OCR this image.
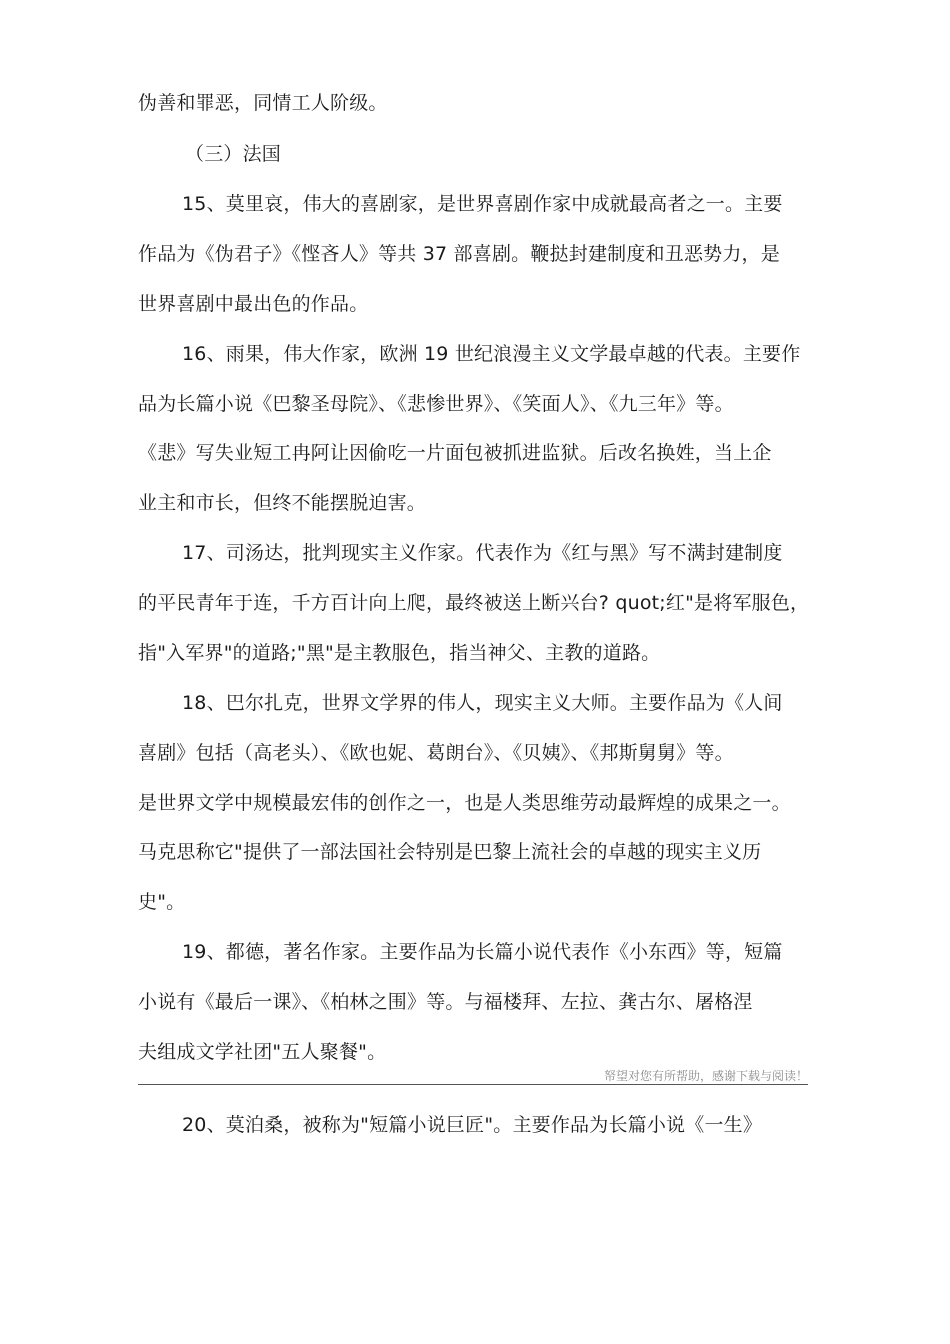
伪善和罪恶，同情工人阶级。
（三）法国
15、莫里哀，伟大的喜剧家，是世界喜剧作家中成就最高者之一。主要
作品为《伪君子》《悭吝人》等共 37 部喜剧。鞭挞封建制度和丑恶势力，是
世界喜剧中最出色的作品。
16、雨果，伟大作家，欧洲 19 世纪浪漫主义文学最卓越的代表。主要作
品为长篇小说《巴黎圣母院》、《悲惨世界》、《笑面人》、《九三年》等。
《悲》写失业短工冉阿让因偷吃一片面包被抓进监狱。后改名换姓，当上企
业主和市长，但终不能摆脱迫害。
17、司汤达，批判现实主义作家。代表作为《红与黑》写不满封建制度
的平民青年于连，千方百计向上爬，最终被送上断兴台? quot;红"是将军服色，
指"入军界"的道路;"黑"是主教服色，指当神父、主教的道路。
18、巴尔扎克，世界文学界的伟人，现实主义大师。主要作品为《人间
喜剧》包括（高老头）、《欧也妮、葛朗台》、《贝姨》、《邦斯舅舅》等。
是世界文学中规模最宏伟的创作之一，也是人类思维劳动最辉煌的成果之一。
马克思称它"提供了一部法国社会特别是巴黎上流社会的卓越的现实主义历
史"。
19、都德，著名作家。主要作品为长篇小说代表作《小东西》等，短篇
小说有《最后一课》、《柏林之围》等。与福楼拜、左拉、龚古尔、屠格涅
夫组成文学社团"五人聚餐"。
帑望对您有所帮助，感谢下载与阅读！
20、莫泊桑，被称为"短篇小说巨匠"。主要作品为长篇小说《一生》
